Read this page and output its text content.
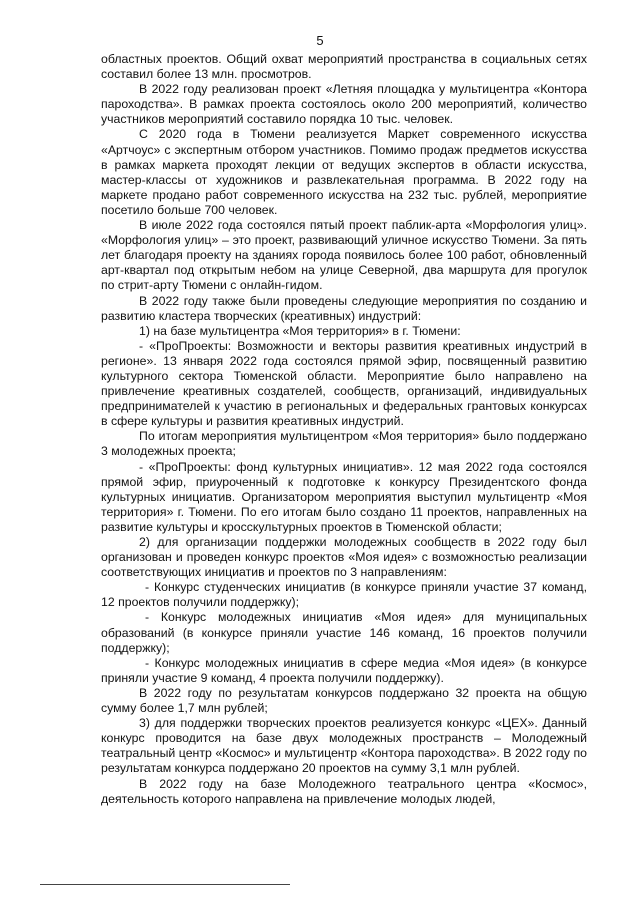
5

областных проектов. Общий охват мероприятий пространства в социальных сетях составил более 13 млн. просмотров.

В 2022 году реализован проект «Летняя площадка у мультицентра «Контора пароходства». В рамках проекта состоялось около 200 мероприятий, количество участников мероприятий составило порядка 10 тыс. человек.

С 2020 года в Тюмени реализуется Маркет современного искусства «Артчоус» с экспертным отбором участников. Помимо продаж предметов искусства в рамках маркета проходят лекции от ведущих экспертов в области искусства, мастер-классы от художников и развлекательная программа. В 2022 году на маркете продано работ современного искусства на 232 тыс. рублей, мероприятие посетило больше 700 человек.

В июле 2022 года состоялся пятый проект паблик-арта «Морфология улиц». «Морфология улиц» – это проект, развивающий уличное искусство Тюмени. За пять лет благодаря проекту на зданиях города появилось более 100 работ, обновленный арт-квартал под открытым небом на улице Северной, два маршрута для прогулок по стрит-арту Тюмени с онлайн-гидом.

В 2022 году также были проведены следующие мероприятия по созданию и развитию кластера творческих (креативных) индустрий:

1) на базе мультицентра «Моя территория» в г. Тюмени:

- «ПроПроекты: Возможности и векторы развития креативных индустрий в регионе». 13 января 2022 года состоялся прямой эфир, посвященный развитию культурного сектора Тюменской области. Мероприятие было направлено на привлечение креативных создателей, сообществ, организаций, индивидуальных предпринимателей к участию в региональных и федеральных грантовых конкурсах в сфере культуры и развития креативных индустрий.

По итогам мероприятия мультицентром «Моя территория» было поддержано 3 молодежных проекта;

- «ПроПроекты: фонд культурных инициатив». 12 мая 2022 года состоялся прямой эфир, приуроченный к подготовке к конкурсу Президентского фонда культурных инициатив. Организатором мероприятия выступил мультицентр «Моя территория» г. Тюмени. По его итогам было создано 11 проектов, направленных на развитие культуры и кросскультурных проектов в Тюменской области;

2) для организации поддержки молодежных сообществ в 2022 году был организован и проведен конкурс проектов «Моя идея» с возможностью реализации соответствующих инициатив и проектов по 3 направлениям:

- Конкурс студенческих инициатив (в конкурсе приняли участие 37 команд, 12 проектов получили поддержку);

- Конкурс молодежных инициатив «Моя идея» для муниципальных образований (в конкурсе приняли участие 146 команд, 16 проектов получили поддержку);

- Конкурс молодежных инициатив в сфере медиа «Моя идея» (в конкурсе приняли участие 9 команд, 4 проекта получили поддержку).

В 2022 году по результатам конкурсов поддержано 32 проекта на общую сумму более 1,7 млн рублей;

3) для поддержки творческих проектов реализуется конкурс «ЦЕХ». Данный конкурс проводится на базе двух молодежных пространств – Молодежный театральный центр «Космос» и мультицентр «Контора пароходства». В 2022 году по результатам конкурса поддержано 20 проектов на сумму 3,1 млн рублей.

В 2022 году на базе Молодежного театрального центра «Космос», деятельность которого направлена на привлечение молодых людей,
